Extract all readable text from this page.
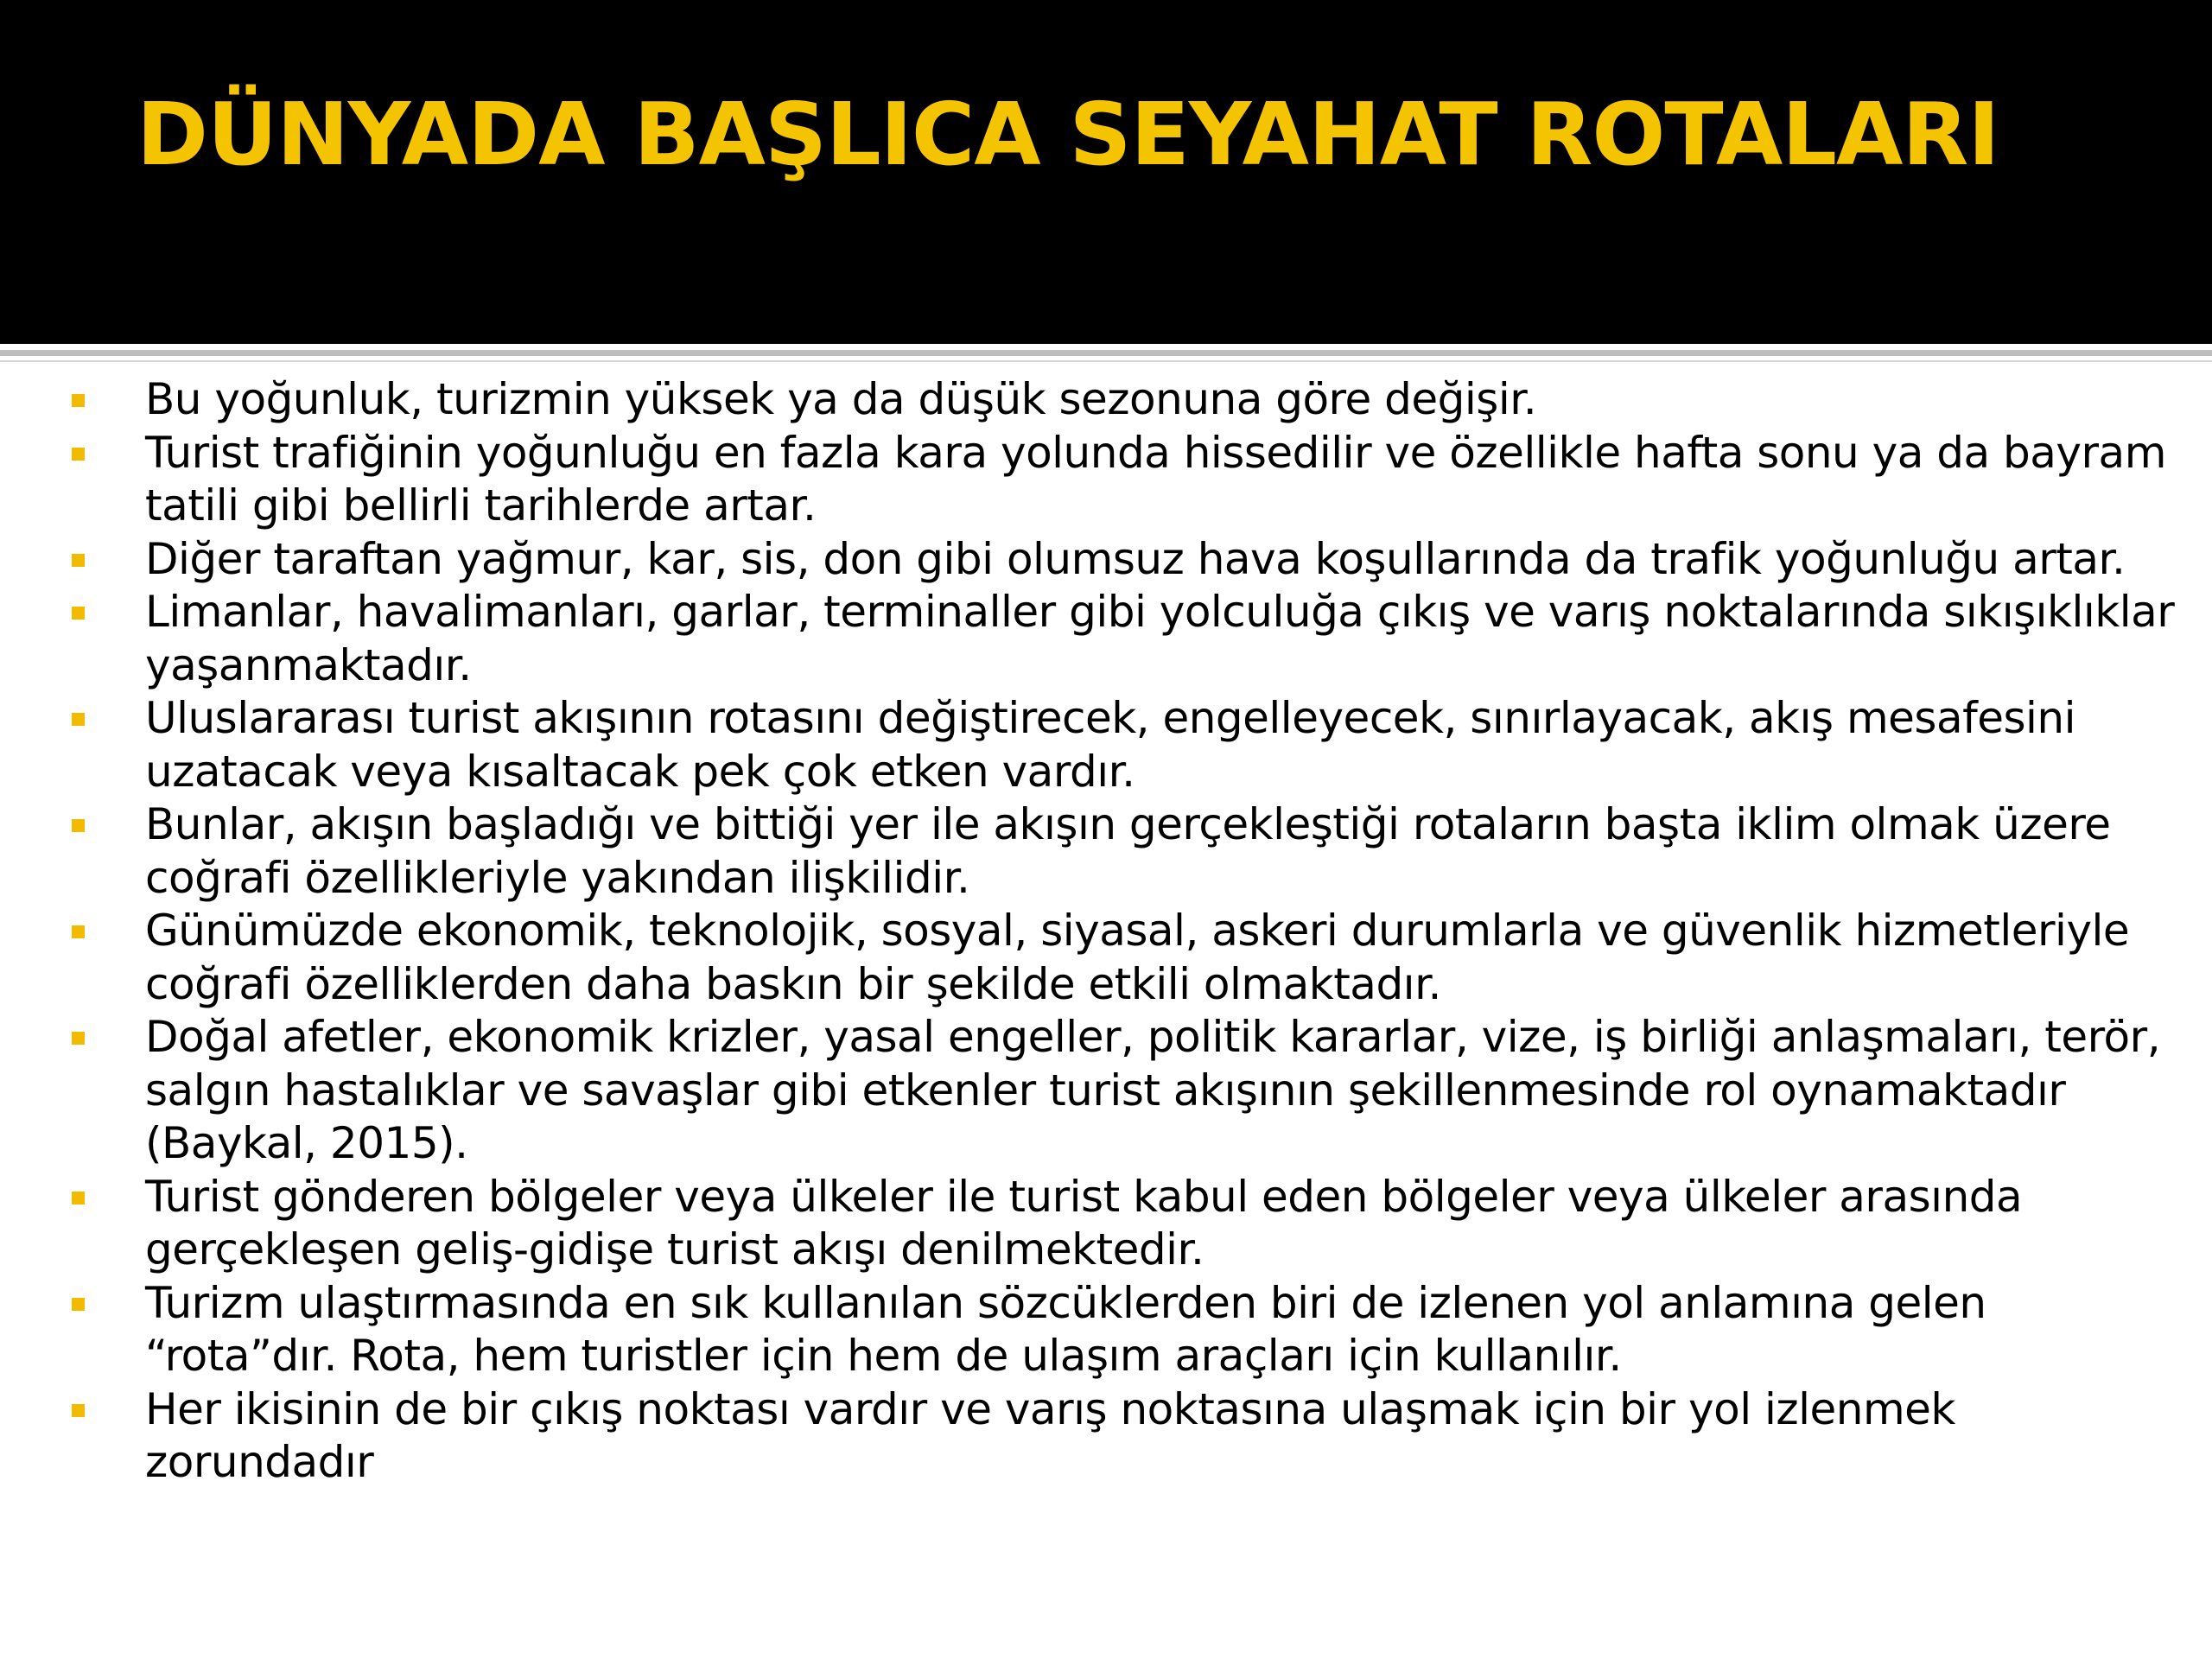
DÜNYADA BAŞLICA SEYAHAT ROTALARI
Bu yoğunluk, turizmin yüksek ya da düşük sezonuna göre değişir.
Turist trafiğinin yoğunluğu en fazla kara yolunda hissedilir ve özellikle hafta sonu ya da bayram tatili gibi bellirli tarihlerde artar.
Diğer taraftan yağmur, kar, sis, don gibi olumsuz hava koşullarında da trafik yoğunluğu artar.
Limanlar, havalimanları, garlar, terminaller gibi yolculuğa çıkış ve varış noktalarında sıkışıklıklar yaşanmaktadır.
Uluslararası turist akışının rotasını değiştirecek, engelleyecek, sınırlayacak, akış mesafesini uzatacak veya kısaltacak pek çok etken vardır.
Bunlar, akışın başladığı ve bittiği yer ile akışın gerçekleştiği rotaların başta iklim olmak üzere coğrafi özellikleriyle yakından ilişkilidir.
Günümüzde ekonomik, teknolojik, sosyal, siyasal, askeri durumlarla ve güvenlik hizmetleriyle coğrafi özelliklerden daha baskın bir şekilde etkili olmaktadır.
Doğal afetler, ekonomik krizler, yasal engeller, politik kararlar, vize, iş birliği anlaşmaları, terör, salgın hastalıklar ve savaşlar gibi etkenler turist akışının şekillenmesinde rol oynamaktadır (Baykal, 2015).
Turist gönderen bölgeler veya ülkeler ile turist kabul eden bölgeler veya ülkeler arasında gerçekleşen geliş-gidişe turist akışı denilmektedir.
Turizm ulaştırmasında en sık kullanılan sözcüklerden biri de izlenen yol anlamına gelen “rota”dır. Rota, hem turistler için hem de ulaşım araçları için kullanılır.
Her ikisinin de bir çıkış noktası vardır ve varış noktasına ulaşmak için bir yol izlenmek zorundadır
